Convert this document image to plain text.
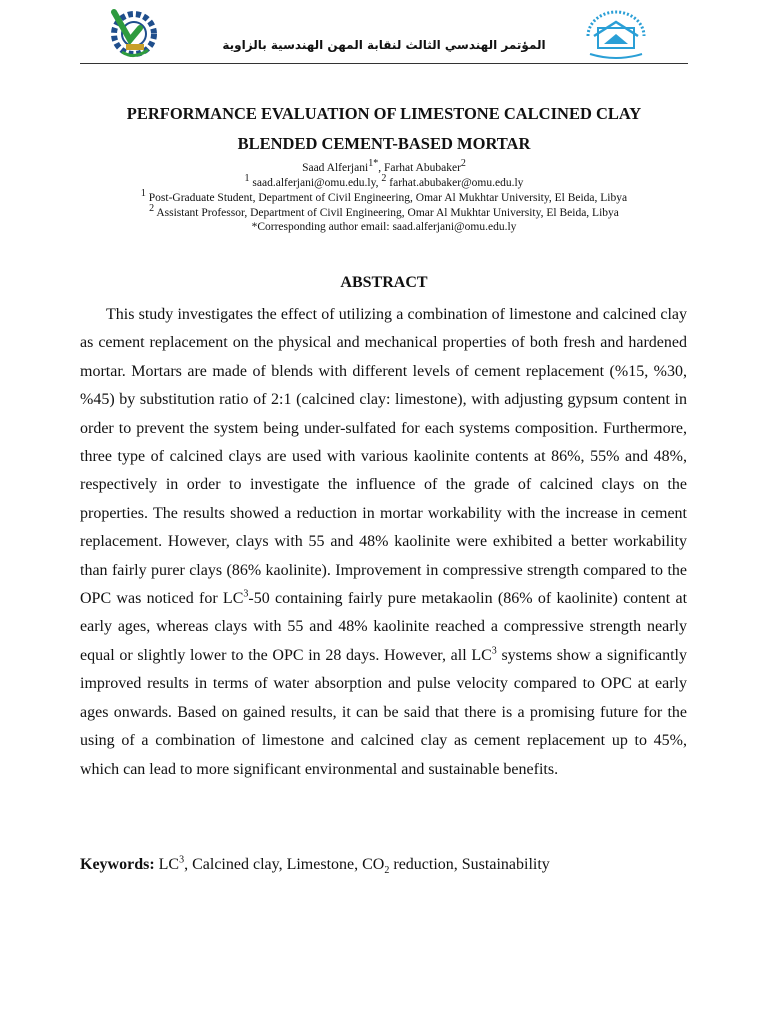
المؤتمر الهندسي الثالث لنقابة المهن الهندسية بالزاوية
PERFORMANCE EVALUATION OF LIMESTONE CALCINED CLAY
BLENDED CEMENT-BASED MORTAR
Saad Alferjani$^{1*}$, Farhat Abubaker$^2$
$^1$ saad.alferjani@omu.edu.ly, $^2$ farhat.abubaker@omu.edu.ly
$^1$ Post-Graduate Student, Department of Civil Engineering, Omar Al Mukhtar University, El Beida, Libya
$^2$ Assistant Professor, Department of Civil Engineering, Omar Al Mukhtar University, El Beida, Libya
*Corresponding author email: saad.alferjani@omu.edu.ly
ABSTRACT

This study investigates the effect of utilizing a combination of limestone and calcined clay as cement replacement on the physical and mechanical properties of both fresh and hardened mortar. Mortars are made of blends with different levels of cement replacement (%15, %30, %45) by substitution ratio of 2:1 (calcined clay: limestone), with adjusting gypsum content in order to prevent the system being under-sulfated for each systems composition. Furthermore, three type of calcined clays are used with various kaolinite contents at 86%, 55% and 48%, respectively in order to investigate the influence of the grade of calcined clays on the properties. The results showed a reduction in mortar workability with the increase in cement replacement. However, clays with 55 and 48% kaolinite were exhibited a better workability than fairly purer clays (86% kaolinite). Improvement in compressive strength compared to the OPC was noticed for $LC^3-50$ containing fairly pure metakaolin (86% of kaolinite) content at early ages, whereas clays with 55 and 48% kaolinite reached a compressive strength nearly equal or slightly lower to the OPC in 28 days. However, all $LC^3$ systems show a significantly improved results in terms of water absorption and pulse velocity compared to OPC at early ages onwards. Based on gained results, it can be said that there is a promising future for the using of a combination of limestone and calcined clay as cement replacement up to 45%, which can lead to more significant environmental and sustainable benefits.

Keywords: $LC^3$, Calcined clay, Limestone, $CO_2$ reduction, Sustainability
